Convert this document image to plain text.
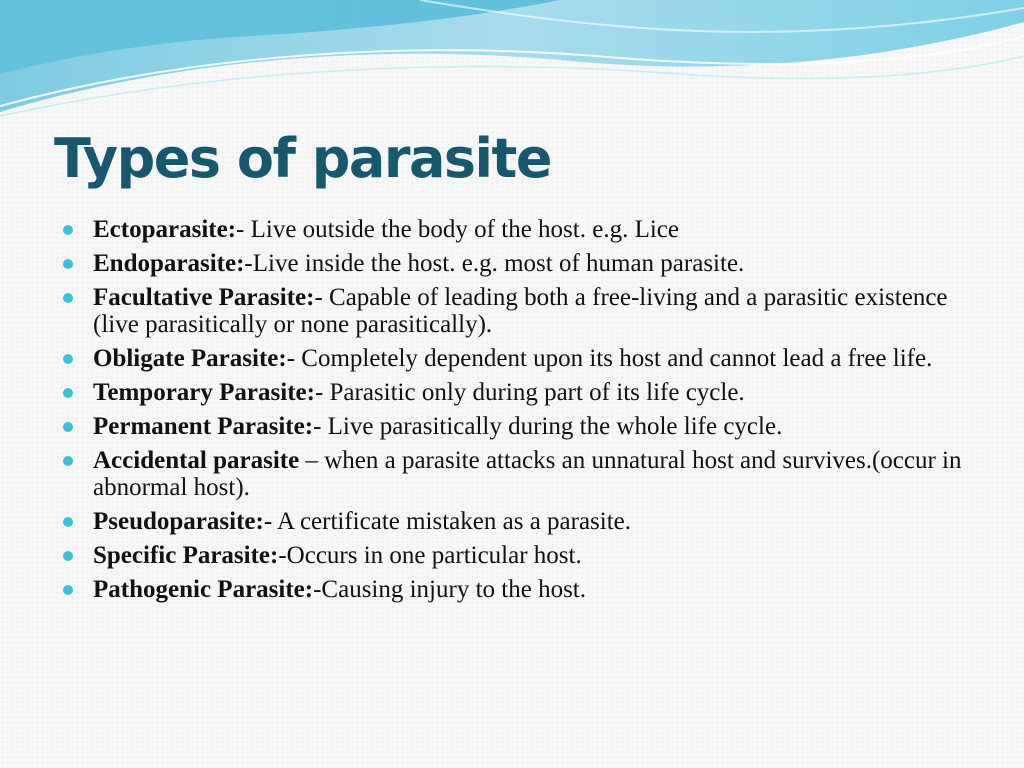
Types of parasite
Ectoparasite:- Live outside the body of the host. e.g. Lice
Endoparasite:-Live inside the host. e.g. most of human parasite.
Facultative Parasite:- Capable of leading both a free-living and a parasitic existence (live parasitically or none parasitically).
Obligate Parasite:- Completely dependent upon its host and cannot lead a free life.
Temporary Parasite:- Parasitic only during part of its life cycle.
Permanent Parasite:- Live parasitically during the whole life cycle.
Accidental parasite – when a parasite attacks an unnatural host and survives.(occur in abnormal host).
Pseudoparasite:- A certificate mistaken as a parasite.
Specific Parasite:-Occurs in one particular host.
Pathogenic Parasite:-Causing injury to the host.
